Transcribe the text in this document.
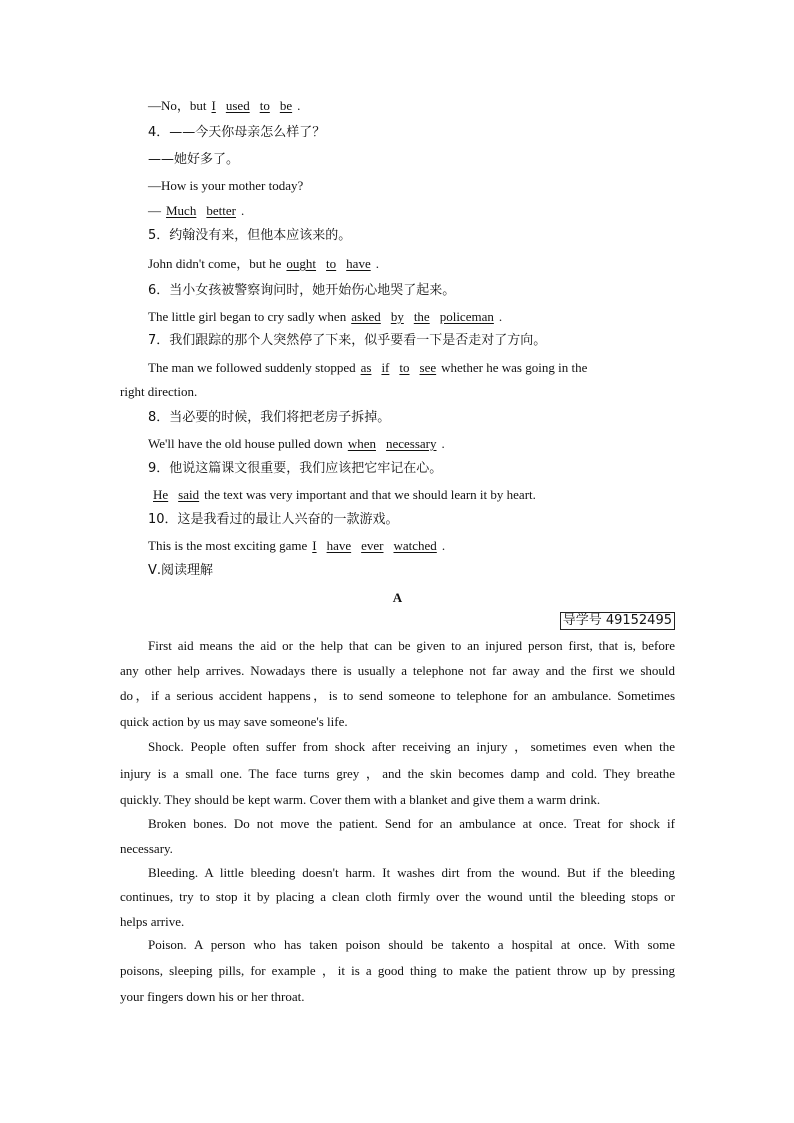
—No，but I used to be .
4．——今天你母亲怎么样了？
——她好多了。
—How is your mother today?
— Much better .
5．约翰没有来，但他本应该来的。
John didn't come，but he ought to have .
6．当小女孩被警察询问时，她开始伤心地哭了起来。
The little girl began to cry sadly when asked by the policeman .
7．我们跟踪的那个人突然停了下来，似乎要看一下是否走对了方向。
The man we followed suddenly stopped as if to see whether he was going in the
right direction.
8．当必要的时候，我们将把老房子拆掉。
We'll have the old house pulled down when necessary .
9．他说这篇课文很重要，我们应该把它牢记在心。
He said the text was very important and that we should learn it by heart.
10．这是我看过的最让人兴奋的一款游戏。
This is the most exciting game I have ever watched .
Ⅴ.阅读理解
A
导学号 49152495
First aid means the aid or the help that can be given to an injured person first, that is, before
any other help arrives. Nowadays there is usually a telephone not far away and the first we should
do，if a serious accident happens，is to send someone to telephone for an ambulance. Sometimes
quick action by us may save someone's life.
Shock. People often suffer from shock after receiving an injury ，sometimes even when the
injury is a small one. The face turns grey ，and the skin becomes damp and cold. They breathe
quickly. They should be kept warm. Cover them with a blanket and give them a warm drink.
Broken bones. Do not move the patient. Send for an ambulance at once. Treat for shock if
necessary.
Bleeding. A little bleeding doesn't harm. It washes dirt from the wound. But if the bleeding
continues, try to stop it by placing a clean cloth firmly over the wound until the bleeding stops or
helps arrive.
Poison. A person who has taken poison should be takento a hospital at once. With some
poisons, sleeping pills, for example ，it is a good thing to make the patient throw up by pressing
your fingers down his or her throat.
